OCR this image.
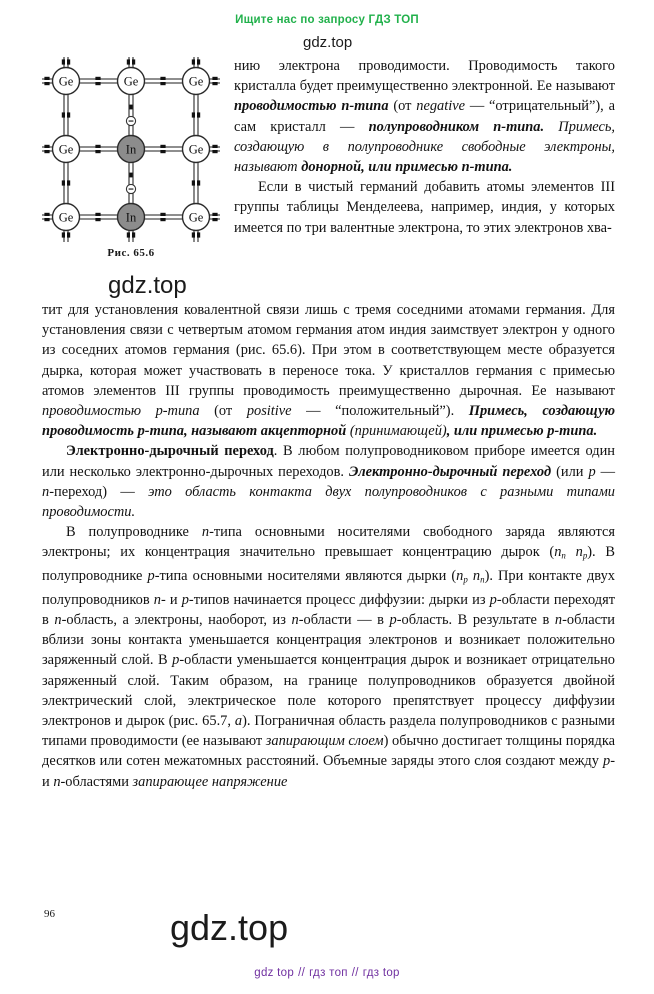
Ищите нас по запросу ГДЗ ТОП
gdz.top
Ge	Ge	Ge
Ge	In	Ge
Ge	In	Ge
Рис. 65.6
gdz.top

нию электрона проводимости. Проводимость такого кристалла будет преимущественно электронной. Ее называют проводимостью n-типа (от negative — “отрицательный”), а сам кристалл — полупроводником n-типа. Примесь, создающую в полупроводнике свободные электроны, называют донорной, или примесью n-типа.

Если в чистый германий добавить атомы элементов III группы таблицы Менделеева, например, индия, у которых имеется по три валентные электрона, то этих электронов хва-

тит для установления ковалентной связи лишь с тремя соседними атомами германия. Для установления связи с четвертым атомом германия атом индия заимствует электрон у одного из соседних атомов германия (рис. 65.6). При этом в соответствующем месте образуется дырка, которая может участвовать в переносе тока. У кристаллов германия с примесью атомов элементов III группы проводимость преимущественно дырочная. Ее называют проводимостью p-типа (от positive — “положительный”). Примесь, создающую проводимость p-типа, называют акцепторной (принимающей), или примесью p-типа.

Электронно-дырочный переход. В любом полупроводниковом приборе имеется один или несколько электронно-дырочных переходов. Электронно-дырочный переход (или p — n-переход) — это область контакта двух полупроводников с разными типами проводимости.

В полупроводнике n-типа основными носителями свободного заряда являются электроны; их концентрация значительно превышает концентрацию дырок ($n_n$ $n_p$). В полупроводнике p-типа основными носителями являются дырки ($n_p$ $n_n$). При контакте двух полупроводников n- и p-типов начинается процесс диффузии: дырки из p-области переходят в n-область, а электроны, наоборот, из n-области — в p-область. В результате в n-области вблизи зоны контакта уменьшается концентрация электронов и возникает положительно заряженный слой. В p-области уменьшается концентрация дырок и возникает отрицательно заряженный слой. Таким образом, на границе полупроводников образуется двойной электрический слой, электрическое поле которого препятствует процессу диффузии электронов и дырок (рис. 65.7, а). Пограничная область раздела полупроводников с разными типами проводимости (ее называют запирающим слоем) обычно достигает толщины порядка десятков или сотен межатомных расстояний. Объемные заряды этого слоя создают между p- и n-областями запирающее напряжение

96	gdz.top
gdz top // гдз топ // гдз top
